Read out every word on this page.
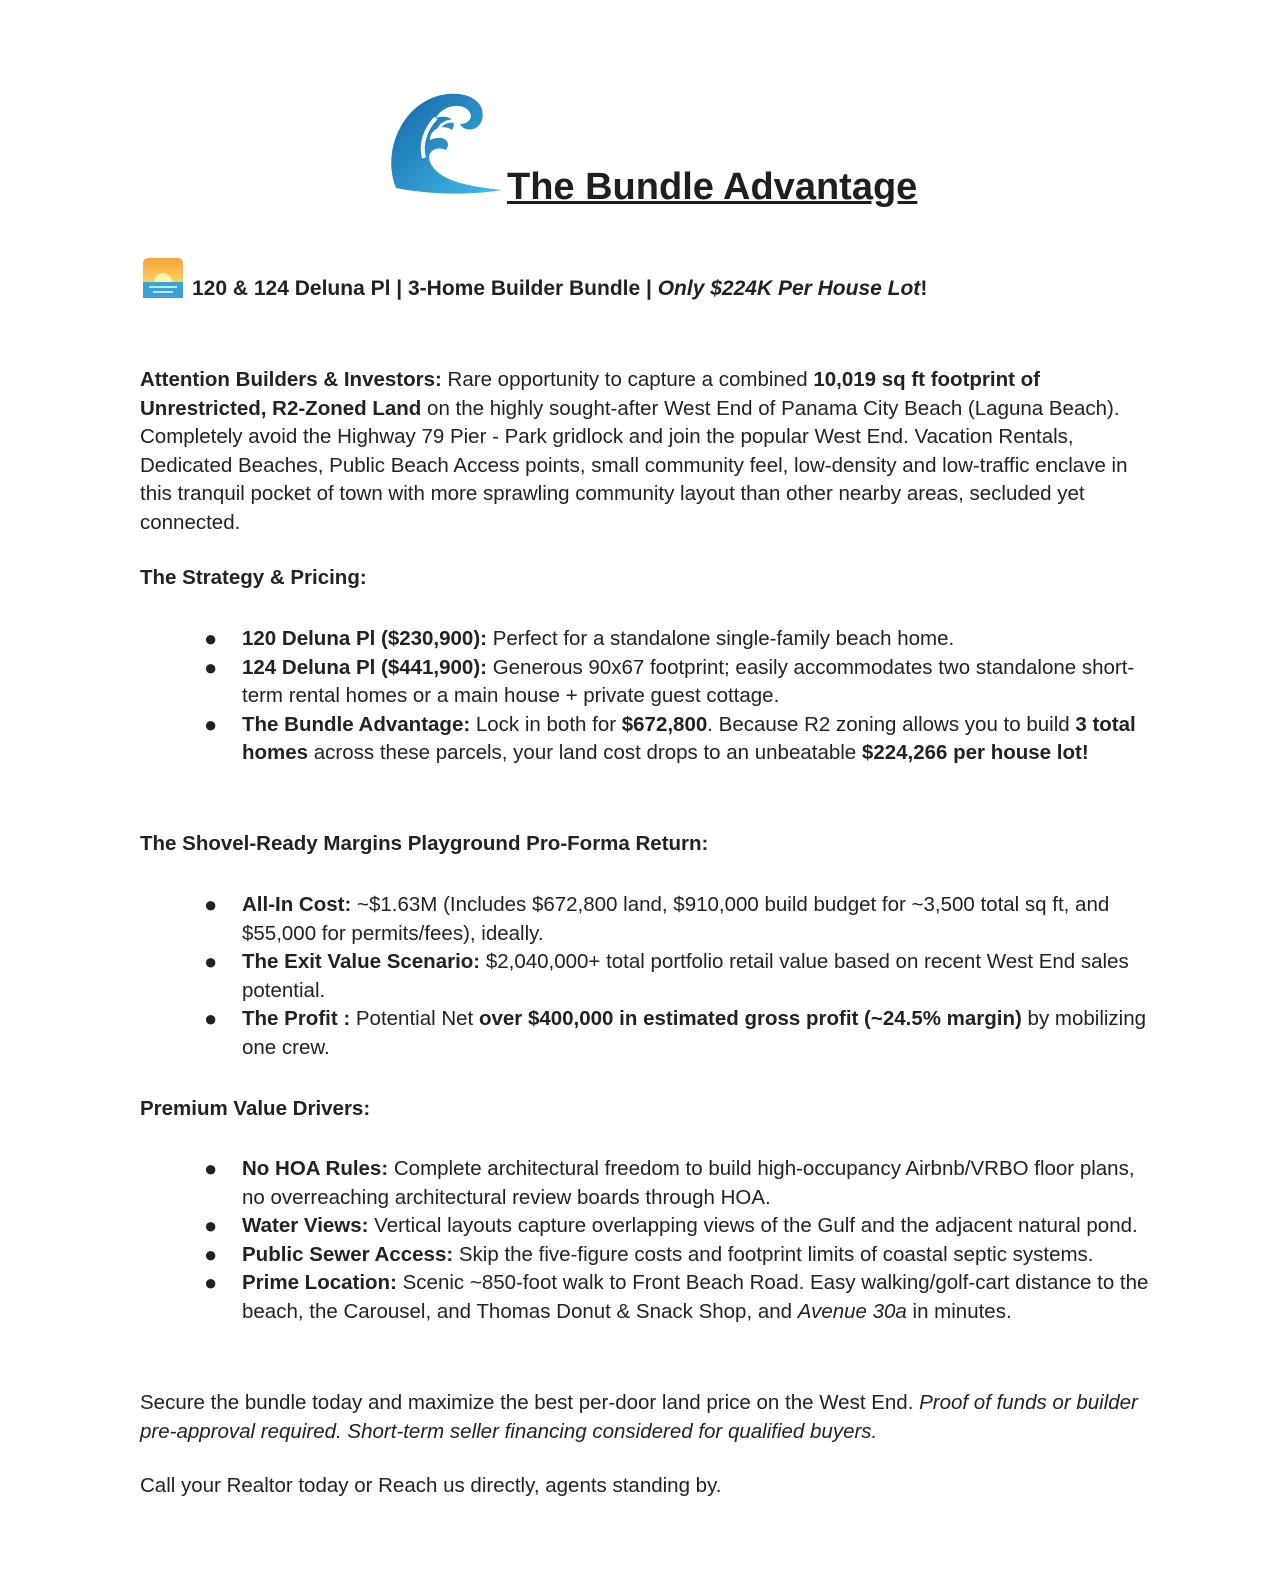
The Bundle Advantage
120 & 124 Deluna Pl | 3-Home Builder Bundle | Only $224K Per House Lot!

Attention Builders & Investors: Rare opportunity to capture a combined 10,019 sq ft footprint of Unrestricted, R2-Zoned Land on the highly sought-after West End of Panama City Beach (Laguna Beach). Completely avoid the Highway 79 Pier - Park gridlock and join the popular West End. Vacation Rentals, Dedicated Beaches, Public Beach Access points, small community feel, low-density and low-traffic enclave in this tranquil pocket of town with more sprawling community layout than other nearby areas, secluded yet connected.

The Strategy & Pricing:

● 120 Deluna Pl ($230,900): Perfect for a standalone single-family beach home.
● 124 Deluna Pl ($441,900): Generous 90x67 footprint; easily accommodates two standalone short-term rental homes or a main house + private guest cottage.
● The Bundle Advantage: Lock in both for $672,800. Because R2 zoning allows you to build 3 total homes across these parcels, your land cost drops to an unbeatable $224,266 per house lot!

The Shovel-Ready Margins Playground Pro-Forma Return:

● All-In Cost: ~$1.63M (Includes $672,800 land, $910,000 build budget for ~3,500 total sq ft, and $55,000 for permits/fees), ideally.
● The Exit Value Scenario: $2,040,000+ total portfolio retail value based on recent West End sales potential.
● The Profit : Potential Net over $400,000 in estimated gross profit (~24.5% margin) by mobilizing one crew.

Premium Value Drivers:

● No HOA Rules: Complete architectural freedom to build high-occupancy Airbnb/VRBO floor plans, no overreaching architectural review boards through HOA.
● Water Views: Vertical layouts capture overlapping views of the Gulf and the adjacent natural pond.
● Public Sewer Access: Skip the five-figure costs and footprint limits of coastal septic systems.
● Prime Location: Scenic ~850-foot walk to Front Beach Road. Easy walking/golf-cart distance to the beach, the Carousel, and Thomas Donut & Snack Shop, and Avenue 30a in minutes.

Secure the bundle today and maximize the best per-door land price on the West End. Proof of funds or builder pre-approval required. Short-term seller financing considered for qualified buyers.

Call your Realtor today or Reach us directly, agents standing by.
